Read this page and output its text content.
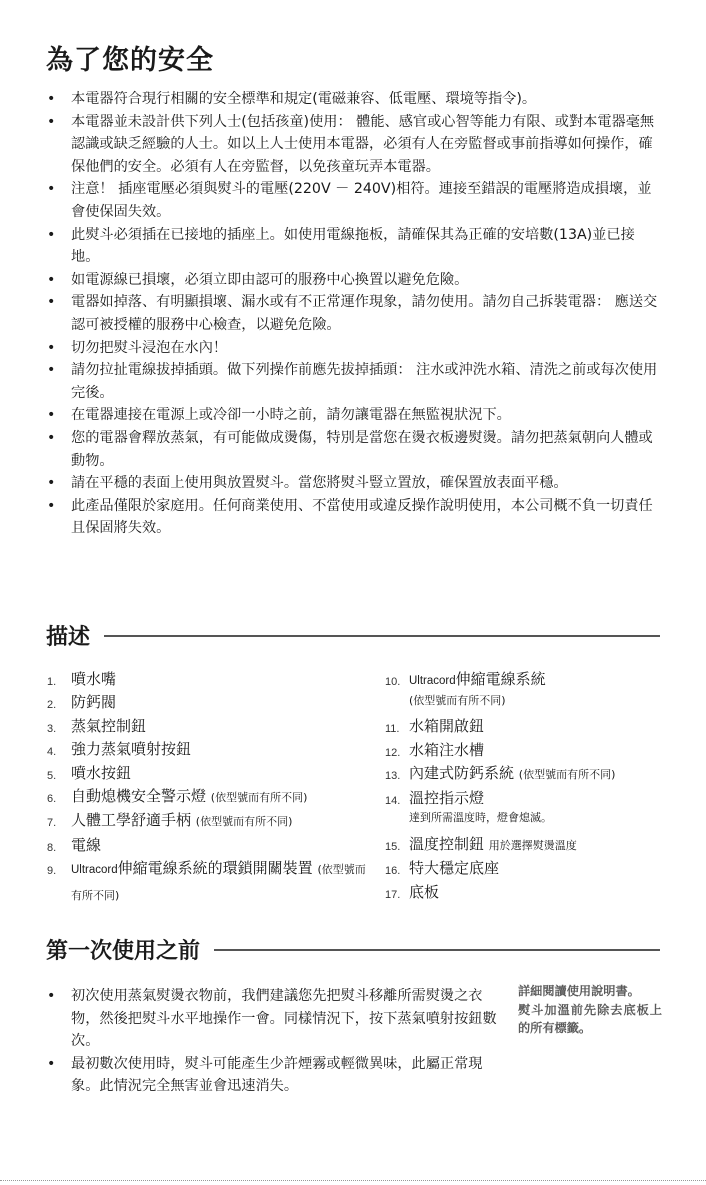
為了您的安全
• 本電器符合現行相關的安全標準和規定(電磁兼容、低電壓、環境等指令)。
• 本電器並未設計供下列人士(包括孩童)使用： 體能、感官或心智等能力有限、或對本電器毫無認識或缺乏經驗的人士。如以上人士使用本電器，必須有人在旁監督或事前指導如何操作，確保他們的安全。必須有人在旁監督，以免孩童玩弄本電器。
• 注意！ 插座電壓必須與熨斗的電壓(220V － 240V)相符。連接至錯誤的電壓將造成損壞，並會使保固失效。
• 此熨斗必須插在已接地的插座上。如使用電線拖板，請確保其為正確的安培數(13A)並已接地。
• 如電源線已損壞，必須立即由認可的服務中心換置以避免危險。
• 電器如掉落、有明顯損壞、漏水或有不正常運作現象，請勿使用。請勿自己拆裝電器： 應送交認可被授權的服務中心檢查，以避免危險。
• 切勿把熨斗浸泡在水內！
• 請勿拉扯電線拔掉插頭。做下列操作前應先拔掉插頭： 注水或沖洗水箱、清洗之前或每次使用完後。
• 在電器連接在電源上或冷卻一小時之前，請勿讓電器在無監視狀況下。
• 您的電器會釋放蒸氣，有可能做成燙傷，特別是當您在燙衣板邊熨燙。請勿把蒸氣朝向人體或動物。
• 請在平穩的表面上使用與放置熨斗。當您將熨斗豎立置放，確保置放表面平穩。
• 此產品僅限於家庭用。任何商業使用、不當使用或違反操作說明使用，本公司概不負一切責任且保固將失效。
描述
1. 噴水嘴
2. 防鈣閥
3. 蒸氣控制鈕
4. 強力蒸氣噴射按鈕
5. 噴水按鈕
6. 自動熄機安全警示燈 (依型號而有所不同)
7. 人體工學舒適手柄 (依型號而有所不同)
8. 電線
9. Ultracord伸縮電線系統的環鎖開關裝置 (依型號而有所不同)
10. Ultracord伸縮電線系統
(依型號而有所不同)
11. 水箱開啟鈕
12. 水箱注水槽
13. 內建式防鈣系統 (依型號而有所不同)
14. 溫控指示燈
達到所需溫度時，燈會熄滅。
15. 溫度控制鈕 用於選擇熨燙溫度
16. 特大穩定底座
17. 底板
第一次使用之前
• 初次使用蒸氣熨燙衣物前，我們建議您先把熨斗移離所需熨燙之衣物，然後把熨斗水平地操作一會。同樣情況下，按下蒸氣噴射按鈕數次。
• 最初數次使用時，熨斗可能產生少許煙霧或輕微異味，此屬正常現象。此情況完全無害並會迅速消失。
詳細閱讀使用說明書。
熨斗加溫前先除去底板上的所有標籤。
